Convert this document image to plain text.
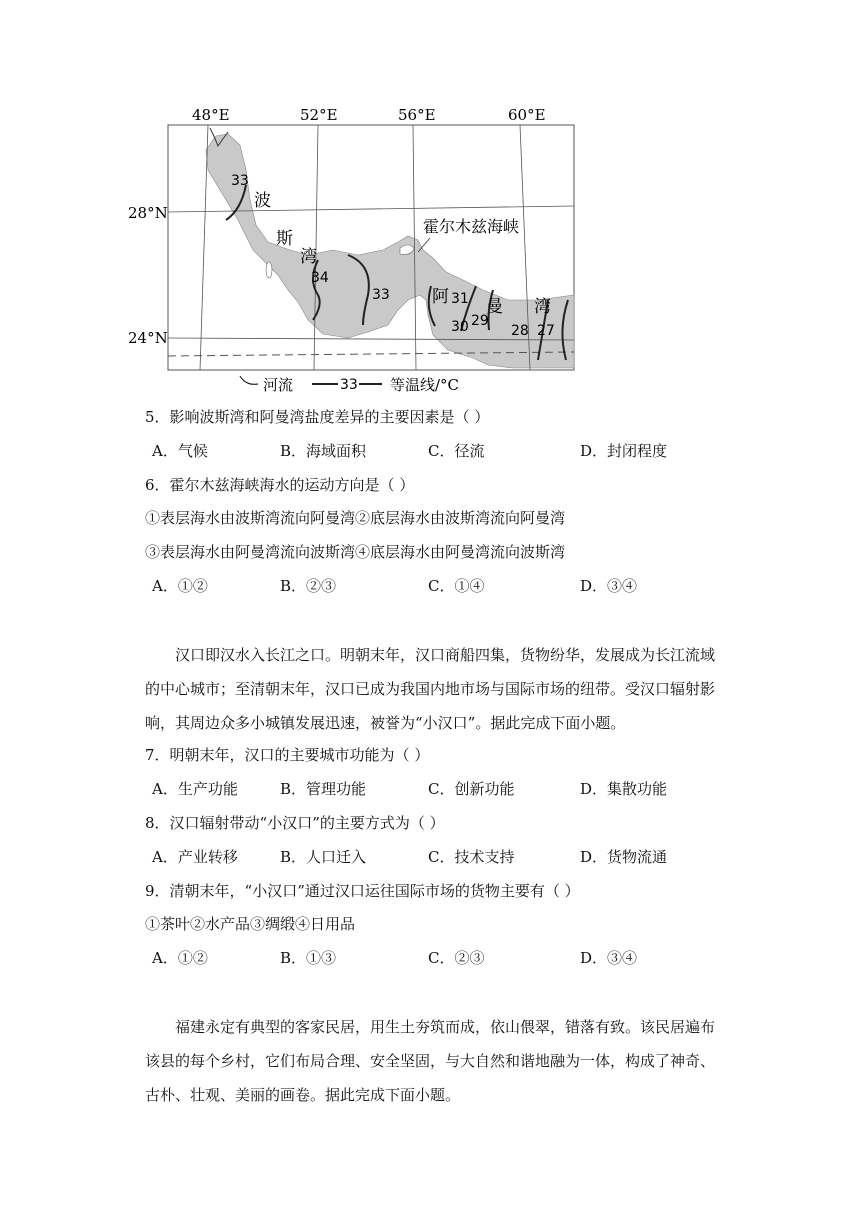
48°E	52°E	56°E	60°E
28°N
24°N
波
斯
湾
阿 曼 湾
霍尔木兹海峡
33
34
33	31
30 29
28 27
河流	33 等温线/°C
5．影响波斯湾和阿曼湾盐度差异的主要因素是（ ）
A．气候	B．海域面积	C．径流	D．封闭程度
6．霍尔木兹海峡海水的运动方向是（ ）
①表层海水由波斯湾流向阿曼湾②底层海水由波斯湾流向阿曼湾
③表层海水由阿曼湾流向波斯湾④底层海水由阿曼湾流向波斯湾
A．①②	B．②③	C．①④	D．③④
汉口即汉水入长江之口。明朝末年，汉口商船四集，货物纷华，发展成为长江流域的中心城市；至清朝末年，汉口已成为我国内地市场与国际市场的纽带。受汉口辐射影响，其周边众多小城镇发展迅速，被誉为“小汉口”。据此完成下面小题。
7．明朝末年，汉口的主要城市功能为（ ）
A．生产功能	B．管理功能	C．创新功能	D．集散功能
8．汉口辐射带动“小汉口”的主要方式为（ ）
A．产业转移	B．人口迁入	C．技术支持	D．货物流通
9．清朝末年，“小汉口”通过汉口运往国际市场的货物主要有（ ）
①茶叶②水产品③绸缎④日用品
A．①②	B．①③	C．②③	D．③④
福建永定有典型的客家民居，用生土夯筑而成，依山偎翠，错落有致。该民居遍布该县的每个乡村，它们布局合理、安全坚固，与大自然和谐地融为一体，构成了神奇、古朴、壮观、美丽的画卷。据此完成下面小题。
